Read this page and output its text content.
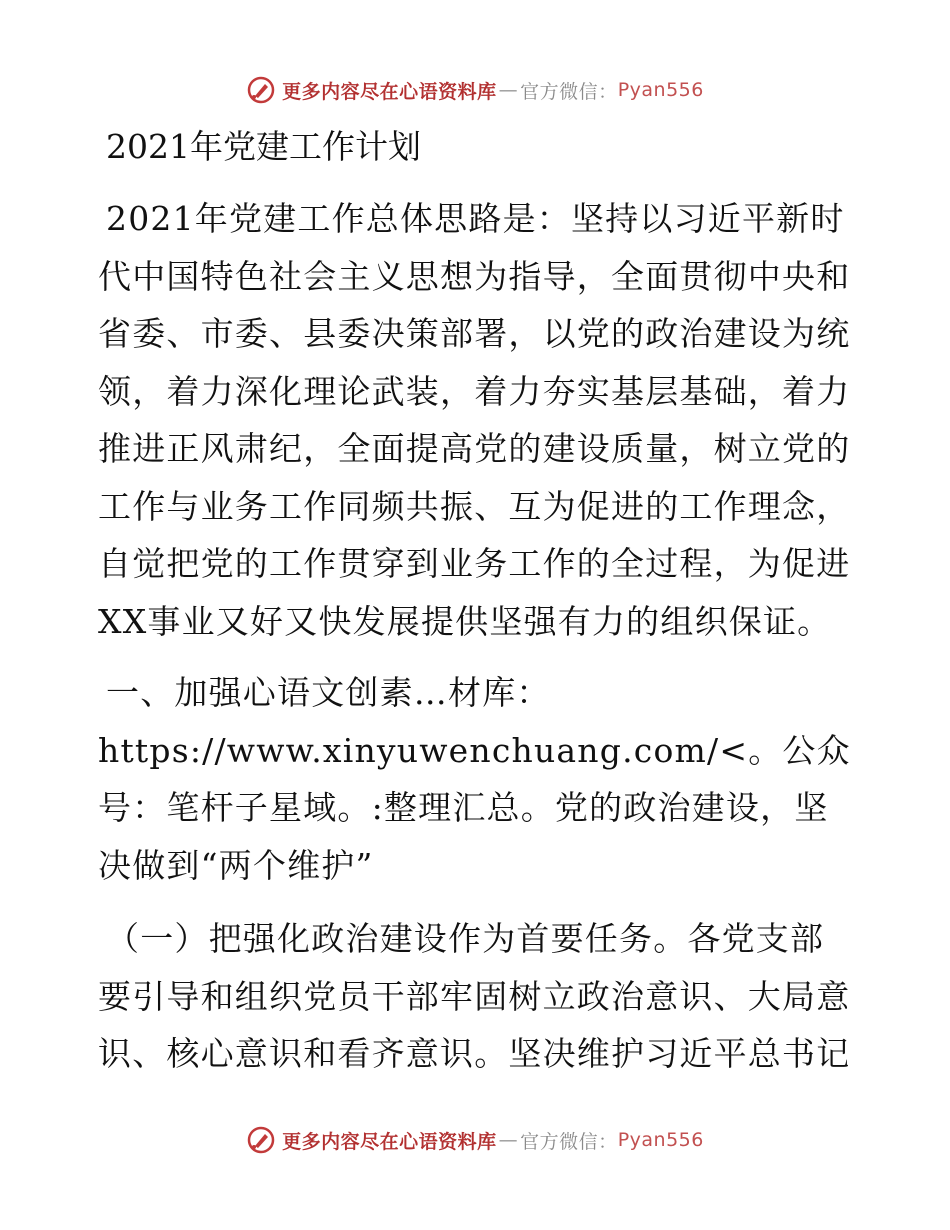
更多内容尽在心语资料库 — 官方微信： Pyan556
2021年党建工作计划

2021年党建工作总体思路是：坚持以习近平新时代中国特色社会主义思想为指导，全面贯彻中央和省委、市委、县委决策部署，以党的政治建设为统领，着力深化理论武装，着力夯实基层基础，着力推进正风肃纪，全面提高党的建设质量，树立党的工作与业务工作同频共振、互为促进的工作理念，自觉把党的工作贯穿到业务工作的全过程，为促进XX事业又好又快发展提供坚强有力的组织保证。

一、加强心语文创素…材库：https://www.xinyuwenchuang.com/<。公众号：笔杆子星域。:整理汇总。党的政治建设，坚决做到“两个维护”

（一）把强化政治建设作为首要任务。各党支部要引导和组织党员干部牢固树立政治意识、大局意识、核心意识和看齐意识。坚决维护习近平总书记

更多内容尽在心语资料库 — 官方微信： Pyan556
